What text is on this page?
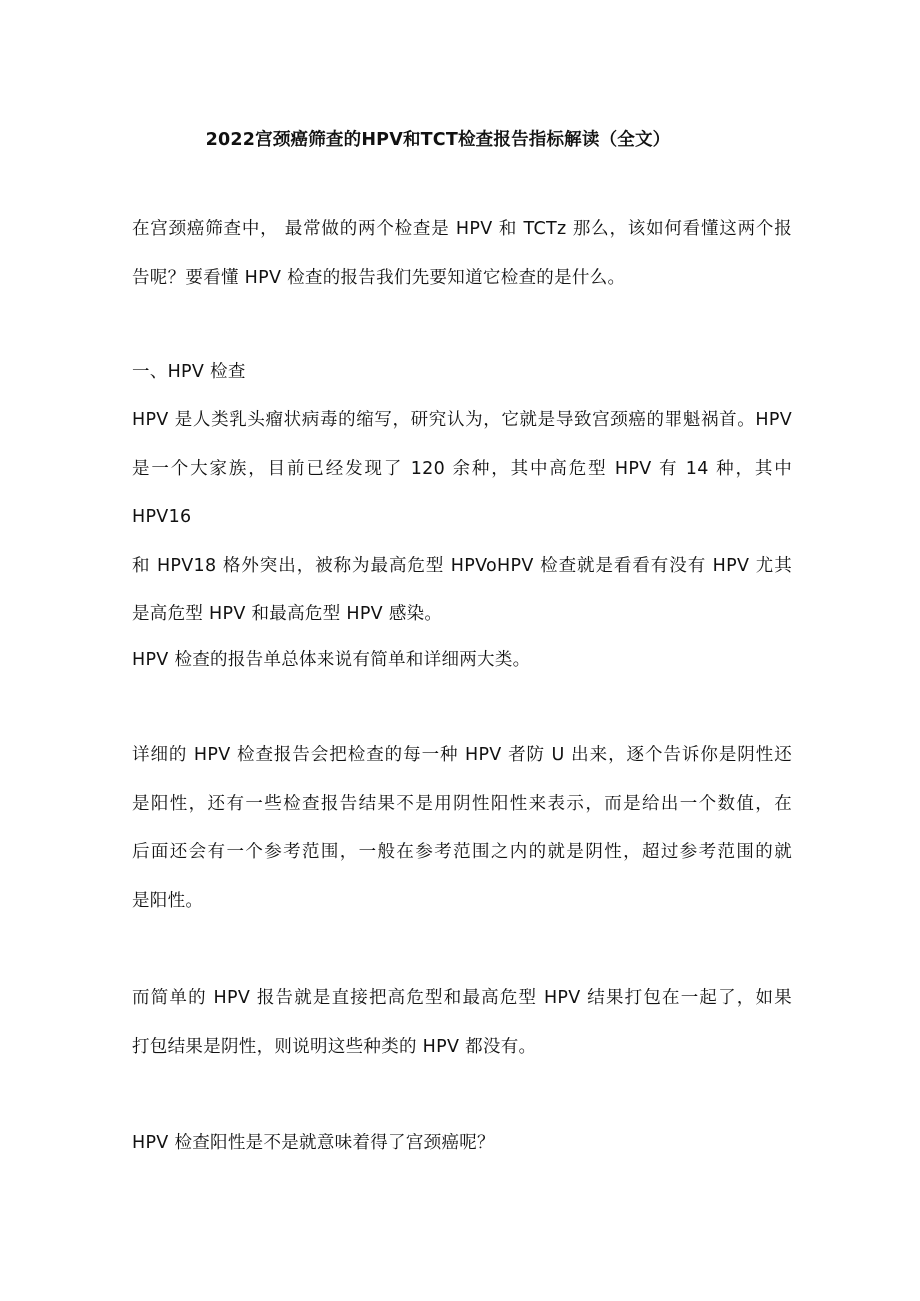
2022宫颈癌筛查的HPV和TCT检查报告指标解读（全文）
在宫颈癌筛查中， 最常做的两个检查是 HPV 和 TCTz 那么，该如何看懂这两个报
告呢？要看懂 HPV 检查的报告我们先要知道它检查的是什么。
一、HPV 检查
HPV 是人类乳头瘤状病毒的缩写，研究认为，它就是导致宫颈癌的罪魁祸首。HPV
是一个大家族，目前已经发现了 120 余种，其中高危型 HPV 有 14 种，其中 HPV16
和 HPV18 格外突出，被称为最高危型 HPVoHPV 检查就是看看有没有 HPV 尤其
是高危型 HPV 和最高危型 HPV 感染。
HPV 检查的报告单总体来说有简单和详细两大类。
详细的 HPV 检查报告会把检查的每一种 HPV 者防 U 出来，逐个告诉你是阴性还
是阳性，还有一些检查报告结果不是用阴性阳性来表示，而是给出一个数值，在
后面还会有一个参考范围，一般在参考范围之内的就是阴性，超过参考范围的就
是阳性。
而简单的 HPV 报告就是直接把高危型和最高危型 HPV 结果打包在一起了，如果
打包结果是阴性，则说明这些种类的 HPV 都没有。
HPV 检查阳性是不是就意味着得了宫颈癌呢？
